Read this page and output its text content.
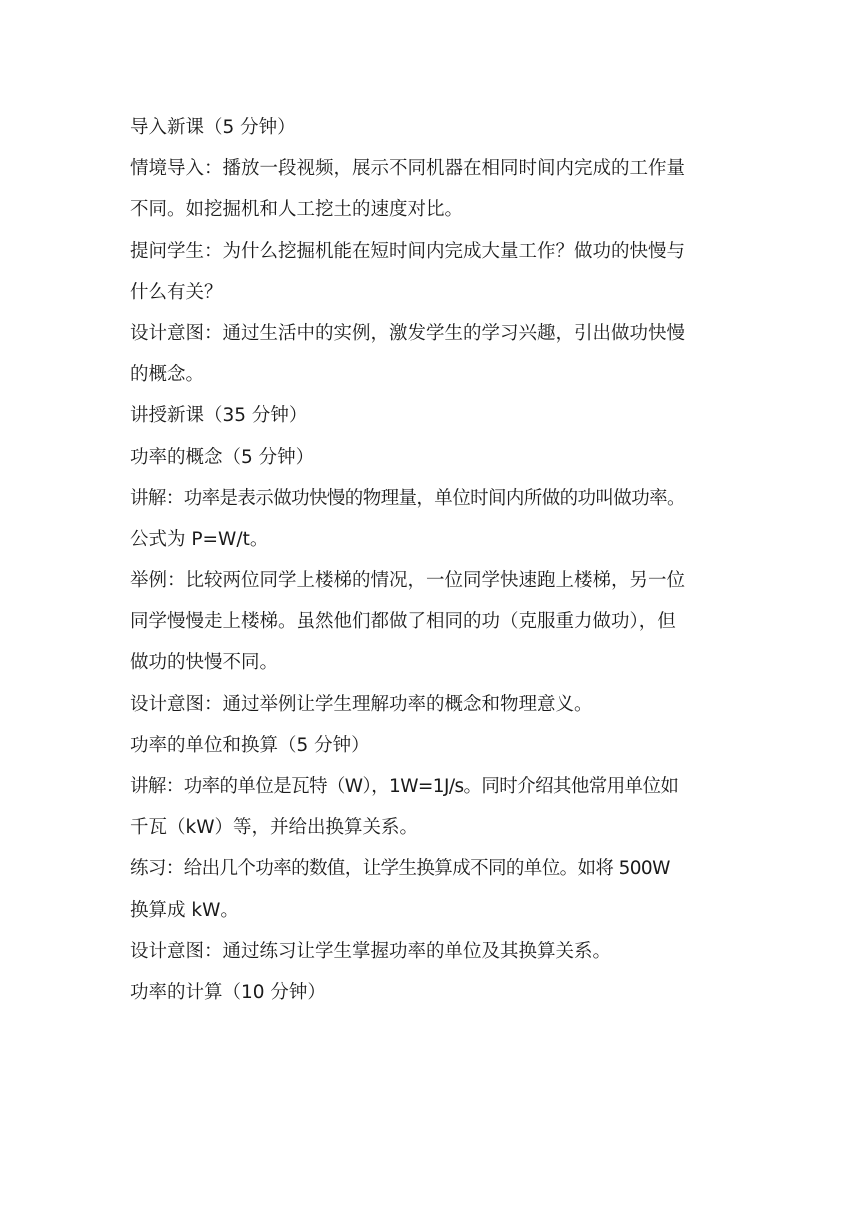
导入新课（5 分钟）
情境导入：播放一段视频，展示不同机器在相同时间内完成的工作量
不同。如挖掘机和人工挖土的速度对比。
提问学生：为什么挖掘机能在短时间内完成大量工作？做功的快慢与
什么有关？
设计意图：通过生活中的实例，激发学生的学习兴趣，引出做功快慢
的概念。
讲授新课（35 分钟）
功率的概念（5 分钟）
讲解：功率是表示做功快慢的物理量，单位时间内所做的功叫做功率。
公式为 P=W/t。
举例：比较两位同学上楼梯的情况，一位同学快速跑上楼梯，另一位
同学慢慢走上楼梯。虽然他们都做了相同的功（克服重力做功），但
做功的快慢不同。
设计意图：通过举例让学生理解功率的概念和物理意义。
功率的单位和换算（5 分钟）
讲解：功率的单位是瓦特（W），1W=1J/s。同时介绍其他常用单位如
千瓦（kW）等，并给出换算关系。
练习：给出几个功率的数值，让学生换算成不同的单位。如将 500W
换算成 kW。
设计意图：通过练习让学生掌握功率的单位及其换算关系。
功率的计算（10 分钟）
